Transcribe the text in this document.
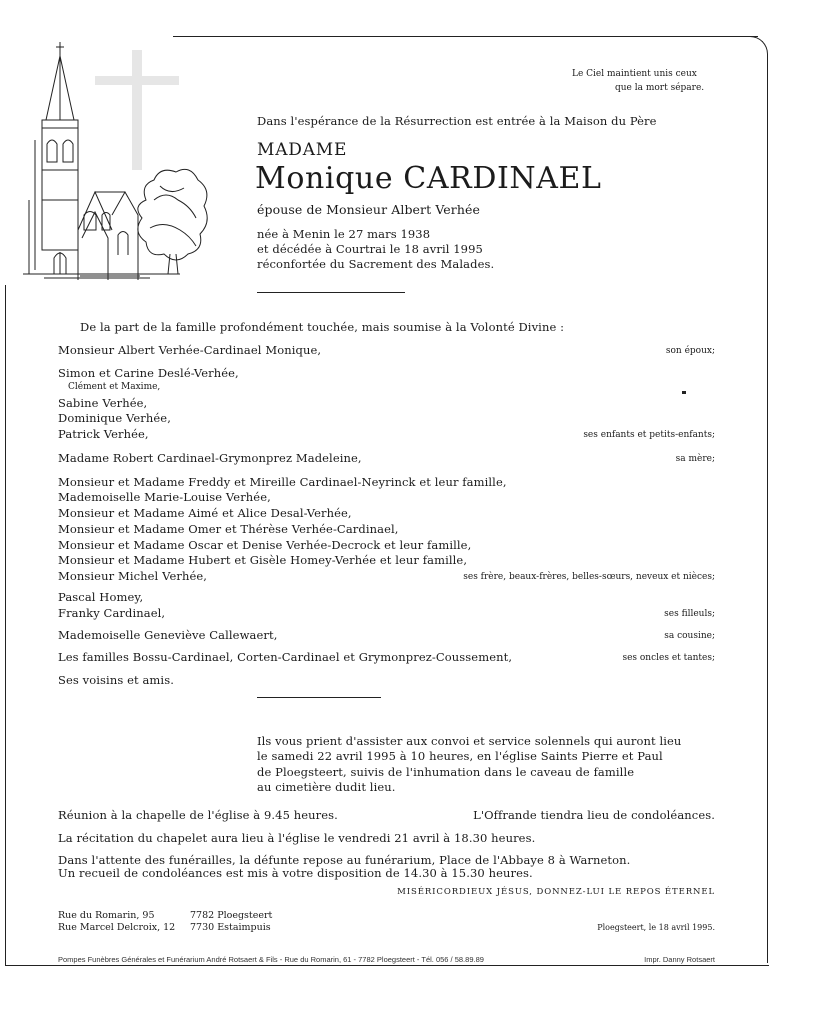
Le Ciel maintient unis ceux
que la mort sépare.
Dans l'espérance de la Résurrection est entrée à la Maison du Père
MADAME
Monique CARDINAEL
épouse de Monsieur Albert Verhée
née à Menin le 27 mars 1938
et décédée à Courtrai le 18 avril 1995
réconfortée du Sacrement des Malades.
De la part de la famille profondément touchée, mais soumise à la Volonté Divine :
Monsieur Albert Verhée-Cardinael Monique,	son époux;
Simon et Carine Deslé-Verhée,
Clément et Maxime,
Sabine Verhée,
Dominique Verhée,
Patrick Verhée,	ses enfants et petits-enfants;
Madame Robert Cardinael-Grymonprez Madeleine,	sa mère;
Monsieur et Madame Freddy et Mireille Cardinael-Neyrinck et leur famille,
Mademoiselle Marie-Louise Verhée,
Monsieur et Madame Aimé et Alice Desal-Verhée,
Monsieur et Madame Omer et Thérèse Verhée-Cardinael,
Monsieur et Madame Oscar et Denise Verhée-Decrock et leur famille,
Monsieur et Madame Hubert et Gisèle Homey-Verhée et leur famille,
Monsieur Michel Verhée,	ses frère, beaux-frères, belles-sœurs, neveux et nièces;
Pascal Homey,
Franky Cardinael,	ses filleuls;
Mademoiselle Geneviève Callewaert,	sa cousine;
Les familles Bossu-Cardinael, Corten-Cardinael et Grymonprez-Coussement,	ses oncles et tantes;
Ses voisins et amis.
Ils vous prient d'assister aux convoi et service solennels qui auront lieu
le samedi 22 avril 1995 à 10 heures, en l'église Saints Pierre et Paul
de Ploegsteert, suivis de l'inhumation dans le caveau de famille
au cimetière dudit lieu.
Réunion à la chapelle de l'église à 9.45 heures.	L'Offrande tiendra lieu de condoléances.
La récitation du chapelet aura lieu à l'église le vendredi 21 avril à 18.30 heures.
Dans l'attente des funérailles, la défunte repose au funérarium, Place de l'Abbaye 8 à Warneton.
Un recueil de condoléances est mis à votre disposition de 14.30 à 15.30 heures.
MISÉRICORDIEUX JÉSUS, DONNEZ-LUI LE REPOS ÉTERNEL
Rue du Romarin, 95	7782 Ploegsteert
Rue Marcel Delcroix, 12 7730 Estaimpuis	Ploegsteert, le 18 avril 1995.
Pompes Funèbres Générales et Funérarium André Rotsaert & Fils - Rue du Romarin, 61 - 7782 Ploegsteert - Tél. 056 / 58.89.89	Impr. Danny Rotsaert
